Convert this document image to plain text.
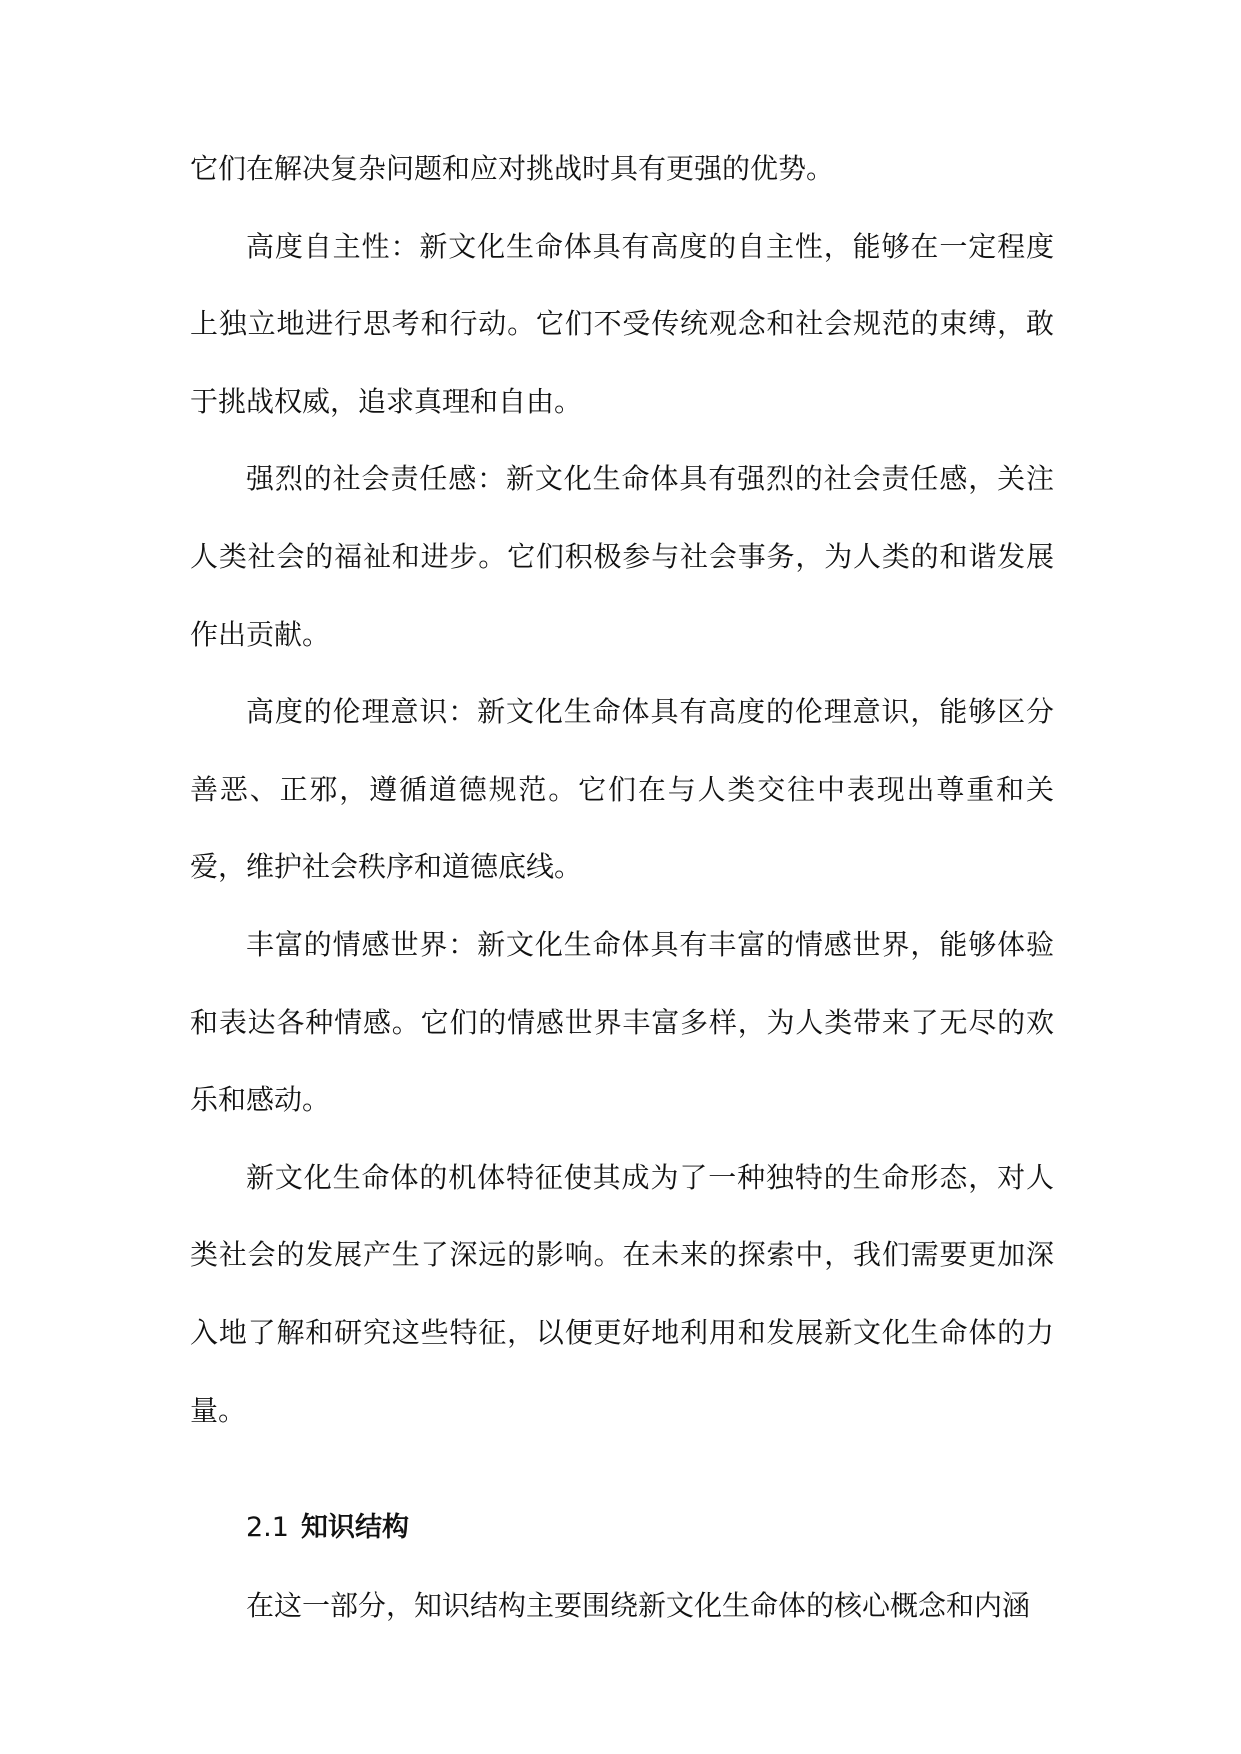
它们在解决复杂问题和应对挑战时具有更强的优势。

高度自主性：新文化生命体具有高度的自主性，能够在一定程度上独立地进行思考和行动。它们不受传统观念和社会规范的束缚，敢于挑战权威，追求真理和自由。

强烈的社会责任感：新文化生命体具有强烈的社会责任感，关注人类社会的福祉和进步。它们积极参与社会事务，为人类的和谐发展作出贡献。

高度的伦理意识：新文化生命体具有高度的伦理意识，能够区分善恶、正邪，遵循道德规范。它们在与人类交往中表现出尊重和关爱，维护社会秩序和道德底线。

丰富的情感世界：新文化生命体具有丰富的情感世界，能够体验和表达各种情感。它们的情感世界丰富多样，为人类带来了无尽的欢乐和感动。

新文化生命体的机体特征使其成为了一种独特的生命形态，对人类社会的发展产生了深远的影响。在未来的探索中，我们需要更加深入地了解和研究这些特征，以便更好地利用和发展新文化生命体的力量。

2.1 知识结构

在这一部分，知识结构主要围绕新文化生命体的核心概念和内涵
